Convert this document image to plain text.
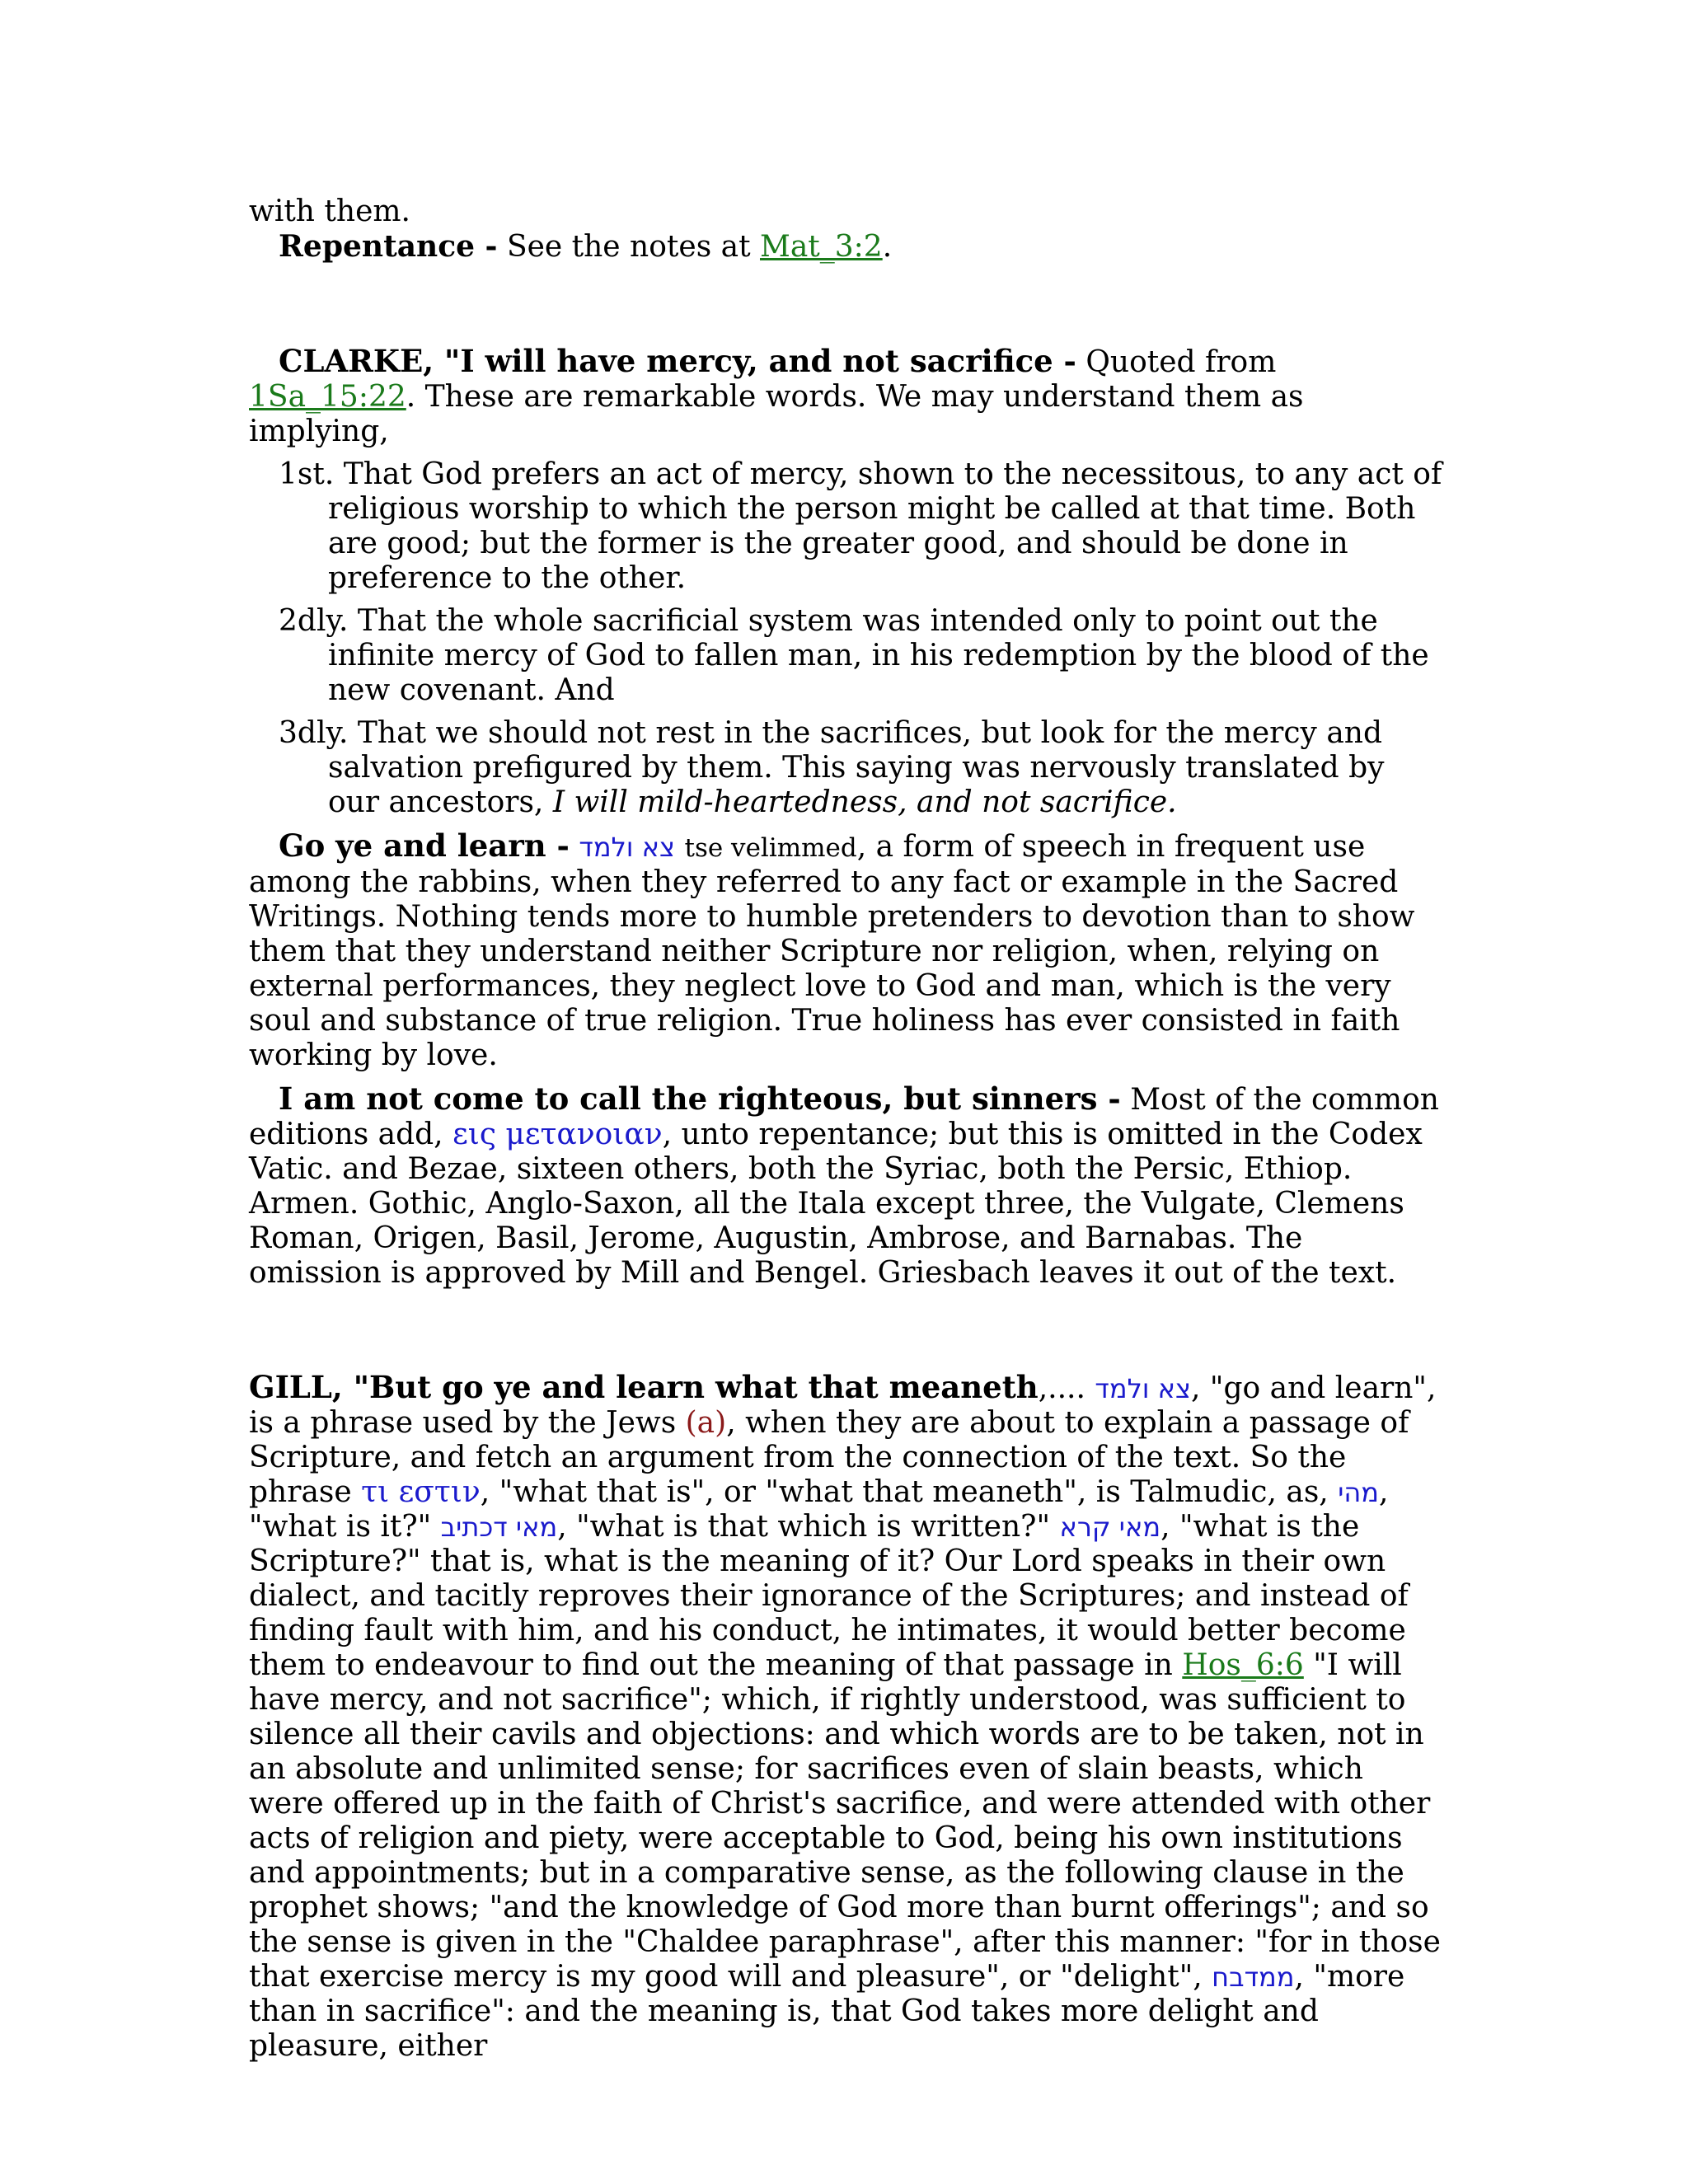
with them.

Repentance - See the notes at Mat_3:2.

CLARKE, "I will have mercy, and not sacrifice - Quoted from 1Sa_15:22. These are remarkable words. We may understand them as implying,

1st. That God prefers an act of mercy, shown to the necessitous, to any act of religious worship to which the person might be called at that time. Both are good; but the former is the greater good, and should be done in preference to the other.

2dly. That the whole sacrificial system was intended only to point out the infinite mercy of God to fallen man, in his redemption by the blood of the new covenant. And

3dly. That we should not rest in the sacrifices, but look for the mercy and salvation prefigured by them. This saying was nervously translated by our ancestors, I will mild-heartedness, and not sacrifice.

Go ye and learn - צא ולמד tse velimmed, a form of speech in frequent use among the rabbins, when they referred to any fact or example in the Sacred Writings. Nothing tends more to humble pretenders to devotion than to show them that they understand neither Scripture nor religion, when, relying on external performances, they neglect love to God and man, which is the very soul and substance of true religion. True holiness has ever consisted in faith working by love.

I am not come to call the righteous, but sinners - Most of the common editions add, εις μετανοιαν, unto repentance; but this is omitted in the Codex Vatic. and Bezae, sixteen others, both the Syriac, both the Persic, Ethiop. Armen. Gothic, Anglo-Saxon, all the Itala except three, the Vulgate, Clemens Roman, Origen, Basil, Jerome, Augustin, Ambrose, and Barnabas. The omission is approved by Mill and Bengel. Griesbach leaves it out of the text.

GILL, "But go ye and learn what that meaneth,.... צא ולמד, "go and learn", is a phrase used by the Jews (a), when they are about to explain a passage of Scripture, and fetch an argument from the connection of the text. So the phrase τι εστιν, "what that is", or "what that meaneth", is Talmudic, as, מהי, "what is it?" מאי דכתיב, "what is that which is written?" מאי קרא, "what is the Scripture?" that is, what is the meaning of it? Our Lord speaks in their own dialect, and tacitly reproves their ignorance of the Scriptures; and instead of finding fault with him, and his conduct, he intimates, it would better become them to endeavour to find out the meaning of that passage in Hos_6:6 "I will have mercy, and not sacrifice"; which, if rightly understood, was sufficient to silence all their cavils and objections: and which words are to be taken, not in an absolute and unlimited sense; for sacrifices even of slain beasts, which were offered up in the faith of Christ's sacrifice, and were attended with other acts of religion and piety, were acceptable to God, being his own institutions and appointments; but in a comparative sense, as the following clause in the prophet shows; "and the knowledge of God more than burnt offerings"; and so the sense is given in the "Chaldee paraphrase", after this manner: "for in those that exercise mercy is my good will and pleasure", or "delight", ממדבח, "more than in sacrifice": and the meaning is, that God takes more delight and pleasure, either
